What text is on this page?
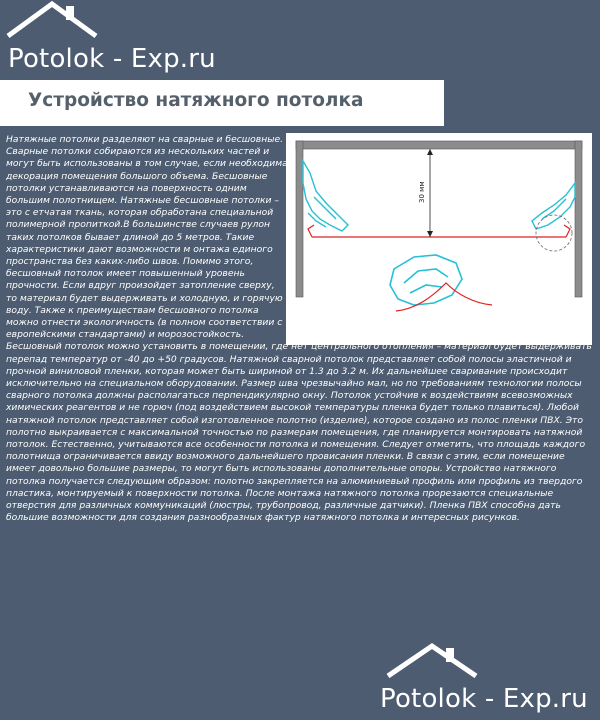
Potolok - Exp.ru
Устройство натяжного потолка
30 мм

Натяжные потолки разделяют на сварные и бесшовные. Сварные потолки собираются из нескольких частей и могут быть использованы в том случае, если необходима декорация помещения большого объема. Бесшовные потолки устанавливаются на поверхность одним большим полотнищем. Натяжные бесшовные потолки – это с етчатая ткань, которая обработана специальной полимерной пропиткой.В большинстве случаев рулон таких потолков бывает длиной до 5 метров. Такие характеристики дают возможности м онтажа единого пространства без каких-либо швов. Помимо этого, бесшовный потолок имеет повышенный уровень прочности. Если вдруг произойдет затопление сверху, то материал будет выдерживать и холодную, и горячую воду. Также к преимуществам бесшовного потолка можно отнести экологичность (в полном соответствии с европейскими стандартами) и морозостойкость. Бесшовный потолок можно установить в помещении, где нет центрального отопления – материал будет выдерживать перепад температур от -40 до +50 градусов. Натяжной сварной потолок представляет собой полосы эластичной и прочной виниловой пленки, которая может быть шириной от 1.3 до 3.2 м. Их дальнейшее сваривание происходит исключительно на специальном оборудовании. Размер шва чрезвычайно мал, но по требованиям технологии полосы сварного потолка должны располагаться перпендикулярно окну. Потолок устойчив к воздействиям всевозможных химических реагентов и не горюч (под воздействием высокой температуры пленка будет только плавиться). Любой натяжной потолок представляет собой изготовленное полотно (изделие), которое создано из полос пленки ПВХ. Это полотно выкраивается с максимальной точностью по размерам помещения, где планируется монтировать натяжной потолок. Естественно, учитываются все особенности потолка и помещения. Следует отметить, что площадь каждого полотнища ограничивается ввиду возможного дальнейшего провисания пленки. В связи с этим, если помещение имеет довольно большие размеры, то могут быть использованы дополнительные опоры. Устройство натяжного потолка получается следующим образом: полотно закрепляется на алюминиевый профиль или профиль из твердого пластика, монтируемый к поверхности потолка. После монтажа натяжного потолка прорезаются специальные отверстия для различных коммуникаций (люстры, трубопровод, различные датчики). Пленка ПВХ способна дать большие возможности для создания разнообразных фактур натяжного потолка и интересных рисунков.

Potolok - Exp.ru
